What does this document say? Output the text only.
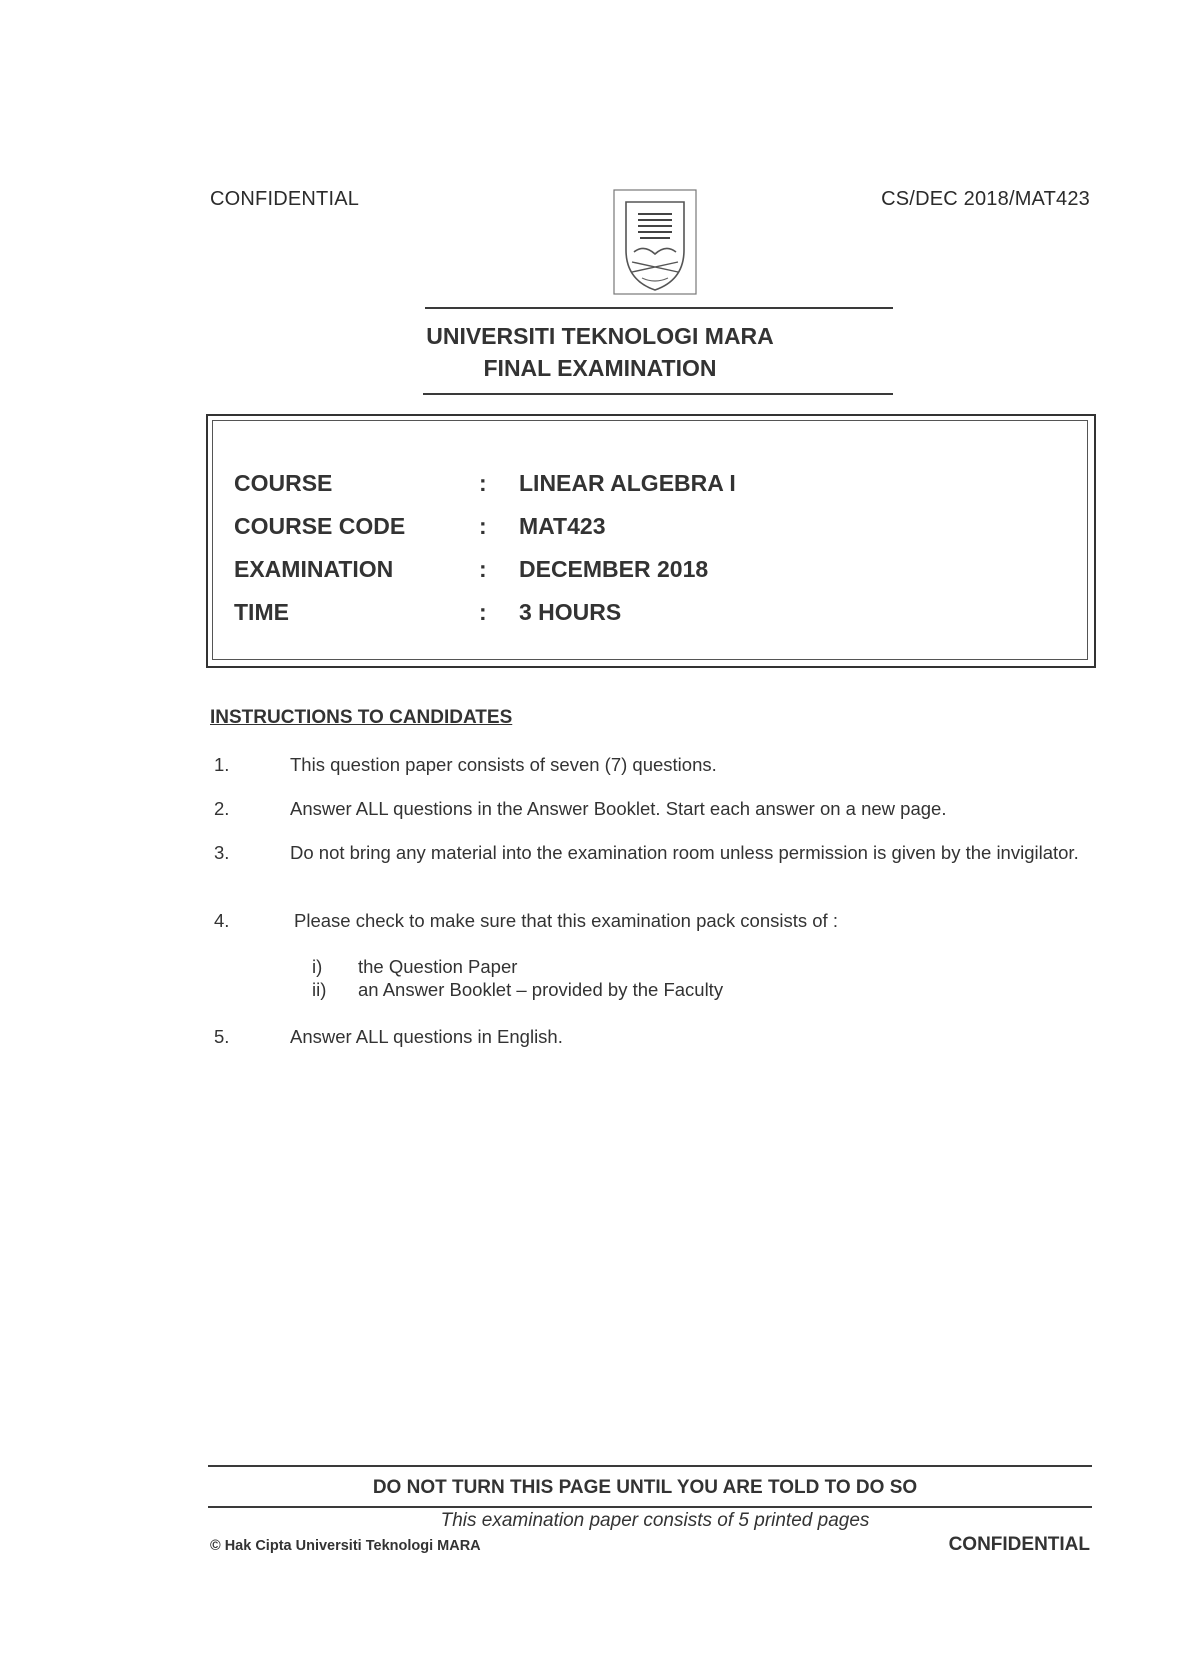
CONFIDENTIAL	CS/DEC 2018/MAT423
UNIVERSITI TEKNOLOGI MARA
FINAL EXAMINATION
COURSE	: LINEAR ALGEBRA I
COURSE CODE	: MAT423
EXAMINATION	: DECEMBER 2018
TIME	: 3 HOURS
INSTRUCTIONS TO CANDIDATES
1.	This question paper consists of seven (7) questions.
2.	Answer ALL questions in the Answer Booklet. Start each answer on a new page.
3.	Do not bring any material into the examination room unless permission is given by the invigilator.
4.	Please check to make sure that this examination pack consists of :
i) the Question Paper
ii) an Answer Booklet – provided by the Faculty
5.	Answer ALL questions in English.
DO NOT TURN THIS PAGE UNTIL YOU ARE TOLD TO DO SO
This examination paper consists of 5 printed pages
© Hak Cipta Universiti Teknologi MARA	CONFIDENTIAL
